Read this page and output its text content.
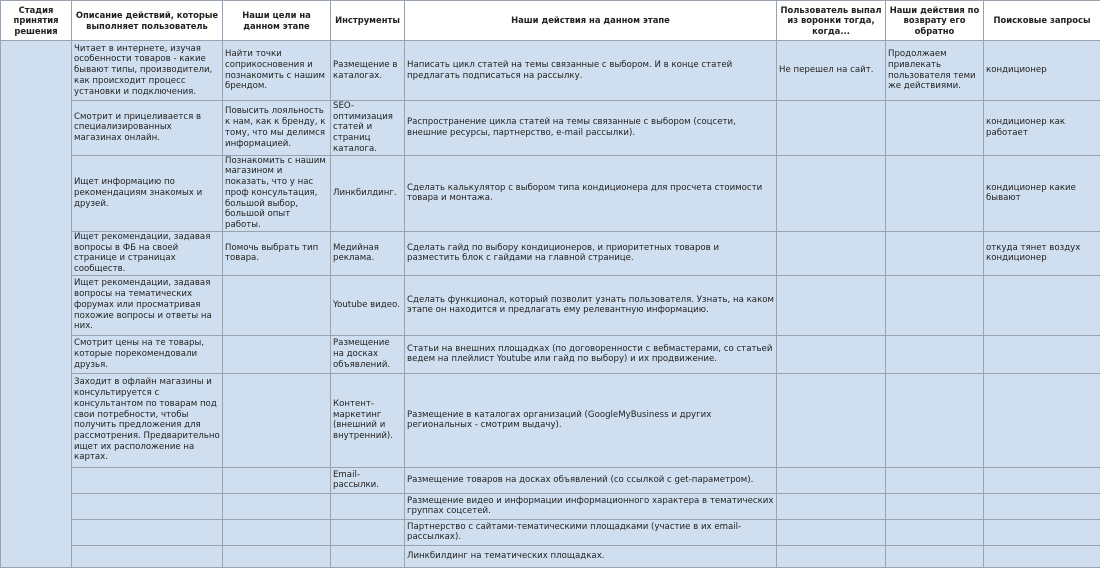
Стадия принятия решения	Описание действий, которые выполняет пользователь	Наши цели на данном этапе	Инструменты	Наши действия на данном этапе	Пользователь выпал из воронки тогда, когда...	Наши действия по возврату его обратно	Поисковые запросы
	Читает в интернете, изучая особенности товаров - какие бывают типы, производители, как происходит процесс установки и подключения.	Найти точки соприкосновения и познакомить с нашим брендом.	Размещение в каталогах.	Написать цикл статей на темы связанные с выбором. И в конце статей предлагать подписаться на рассылку.	Не перешел на сайт.	Продолжаем привлекать пользователя теми же действиями.	кондиционер
	Смотрит и прицеливается в специализированных магазинах онлайн.	Повысить лояльность к нам, как к бренду, к тому, что мы делимся информацией.	SEO-оптимизация статей и страниц каталога.	Распространение цикла статей на темы связанные с выбором (соцсети, внешние ресурсы, партнерство, e-mail рассылки).			кондиционер как работает
	Ищет информацию по рекомендациям знакомых и друзей.	Познакомить с нашим магазином и показать, что у нас проф консультация, большой выбор, большой опыт работы.	Линкбилдинг.	Сделать калькулятор с выбором типа кондиционера для просчета стоимости товара и монтажа.			кондиционер какие бывают
	Ищет рекомендации, задавая вопросы в ФБ на своей странице и страницах сообществ.	Помочь выбрать тип товара.	Медийная реклама.	Сделать гайд по выбору кондиционеров, и приоритетных товаров и разместить блок с гайдами на главной странице.			откуда тянет воздух кондиционер
	Ищет рекомендации, задавая вопросы на тематических форумах или просматривая похожие вопросы и ответы на них.		Youtube видео.	Сделать функционал, который позволит узнать пользователя. Узнать, на каком этапе он находится и предлагать ему релевантную информацию.			
	Смотрит цены на те товары, которые порекомендовали друзья.		Размещение на досках объявлений.	Статьи на внешних площадках (по договоренности с вебмастерами, со статьей ведем на плейлист Youtube или гайд по выбору) и их продвижение.			
	Заходит в офлайн магазины и консультируется с консультантом по товарам под свои потребности, чтобы получить предложения для рассмотрения. Предварительно ищет их расположение на картах.		Контент-маркетинг (внешний и внутренний).	Размещение в каталогах организаций (GoogleMyBusiness и других региональных - смотрим выдачу).			
			Email-рассылки.	Размещение товаров на досках объявлений (со ссылкой с get-параметром).			
				Размещение видео и информации информационного характера в тематических группах соцсетей.			
				Партнерство с сайтами-тематическими площадками (участие в их email-рассылках).			
				Линкбилдинг на тематических площадках.			
